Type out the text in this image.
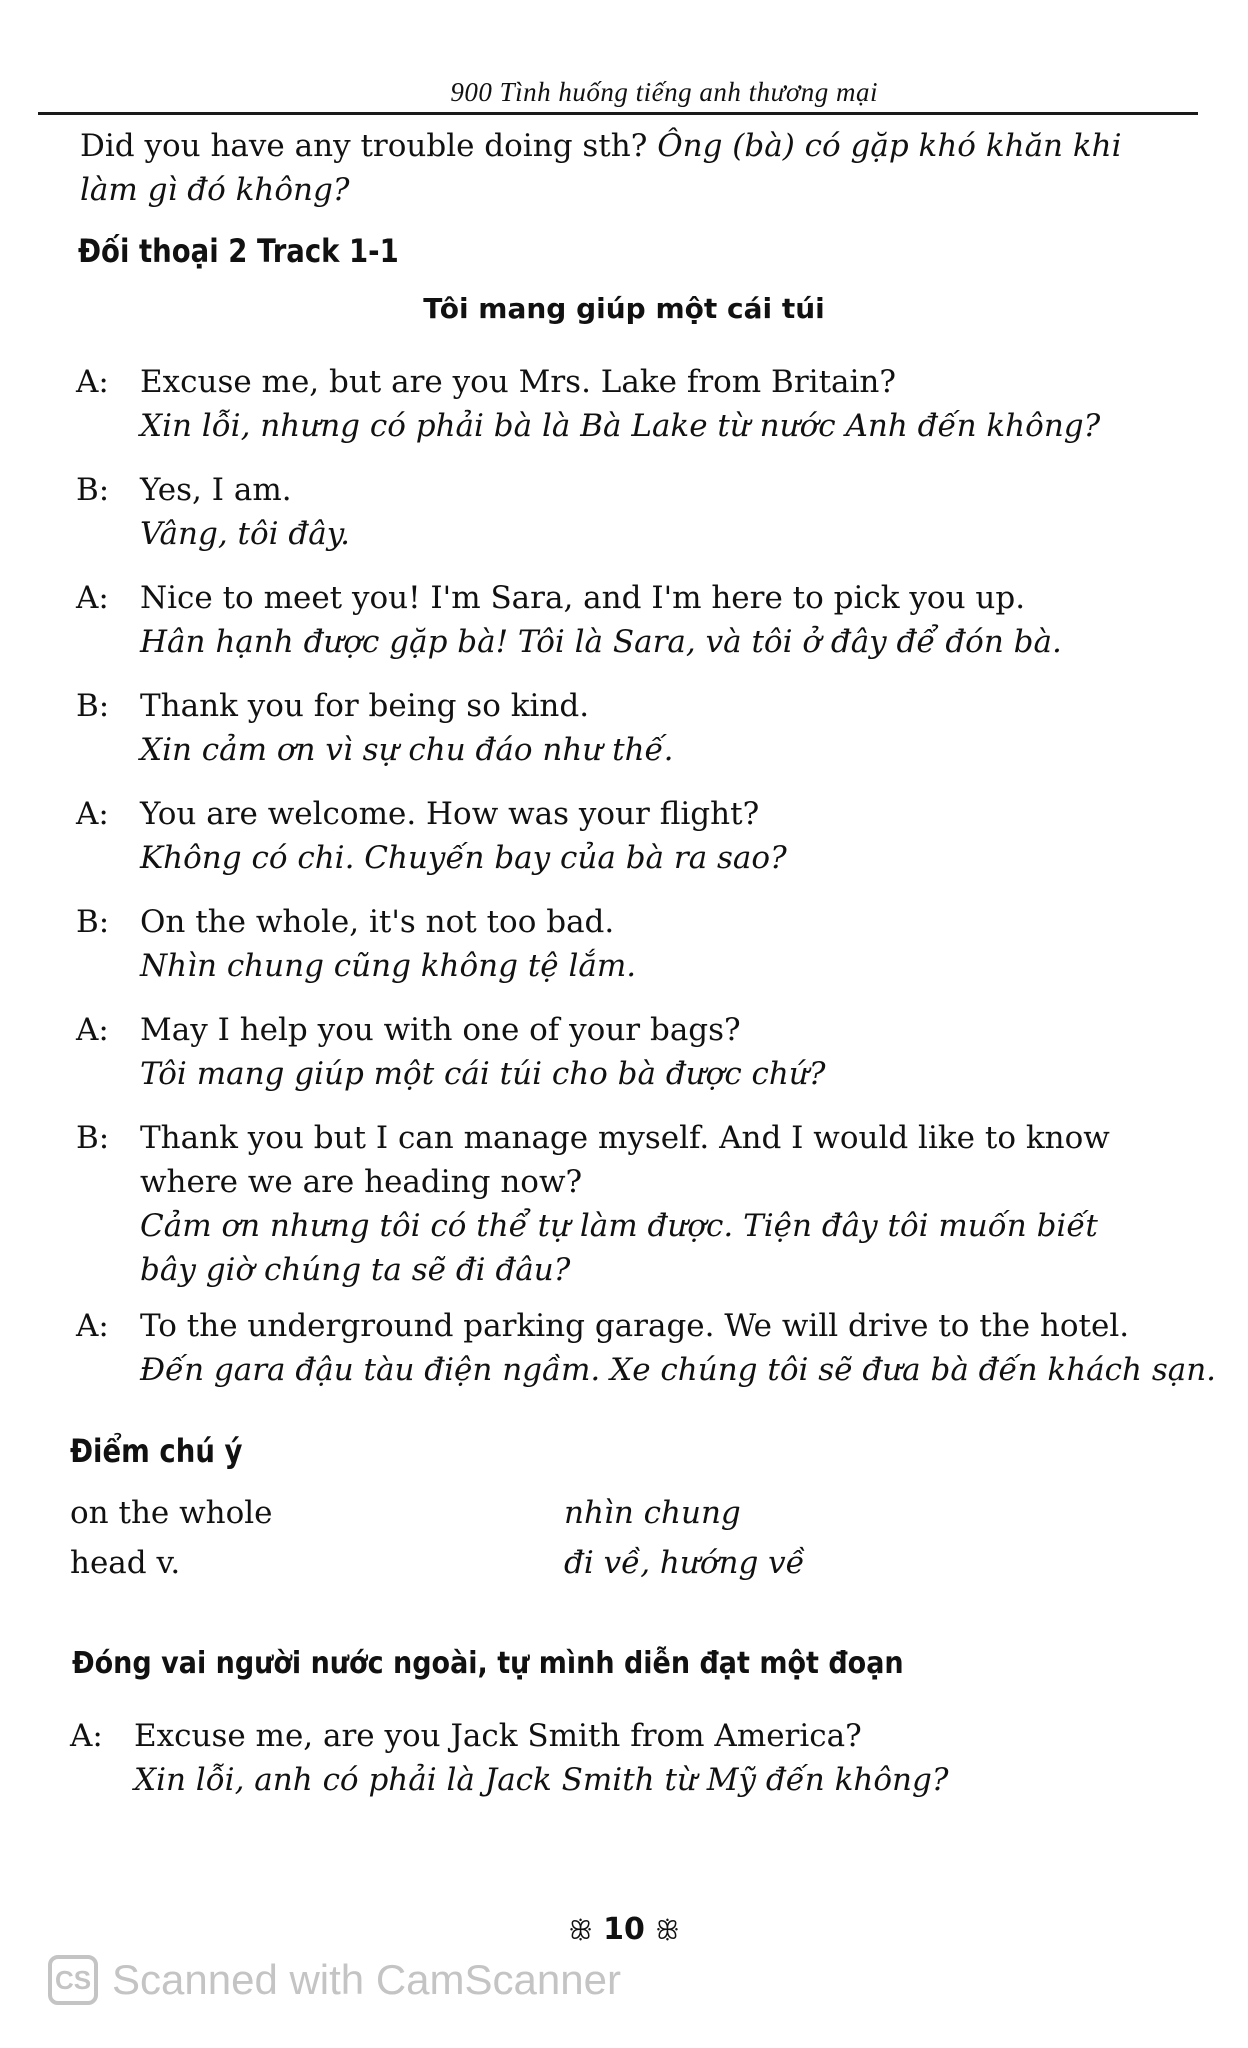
900 Tình huống tiếng anh thương mại
Did you have any trouble doing sth? Ông (bà) có gặp khó khăn khi
làm gì đó không?
Đối thoại 2 Track 1-1
Tôi mang giúp một cái túi
A:	Excuse me, but are you Mrs. Lake from Britain?
Xin lỗi, nhưng có phải bà là Bà Lake từ nước Anh đến không?
B: Yes, I am.
Vâng, tôi đây.
A:	Nice to meet you! I'm Sara, and I'm here to pick you up.
Hân hạnh được gặp bà! Tôi là Sara, và tôi ở đây để đón bà.
B: Thank you for being so kind.
Xin cảm ơn vì sự chu đáo như thế.
A:	You are welcome. How was your flight?
Không có chi. Chuyến bay của bà ra sao?
B: On the whole, it's not too bad.
Nhìn chung cũng không tệ lắm.
A:	May I help you with one of your bags?
Tôi mang giúp một cái túi cho bà được chứ?
B: Thank you but I can manage myself. And I would like to know
where we are heading now?
Cảm ơn nhưng tôi có thể tự làm được. Tiện đây tôi muốn biết
bây giờ chúng ta sẽ đi đâu?
A:	To the underground parking garage. We will drive to the hotel.
Đến gara đậu tàu điện ngầm. Xe chúng tôi sẽ đưa bà đến khách sạn.
Điểm chú ý
on the whole	nhìn chung
head v.	đi về, hướng về
Đóng vai người nước ngoài, tự mình diễn đạt một đoạn
A:	Excuse me, are you Jack Smith from America?
Xin lỗi, anh có phải là Jack Smith từ Mỹ đến không?
ꕥ 10 ꕥ
CS Scanned with CamScanner
